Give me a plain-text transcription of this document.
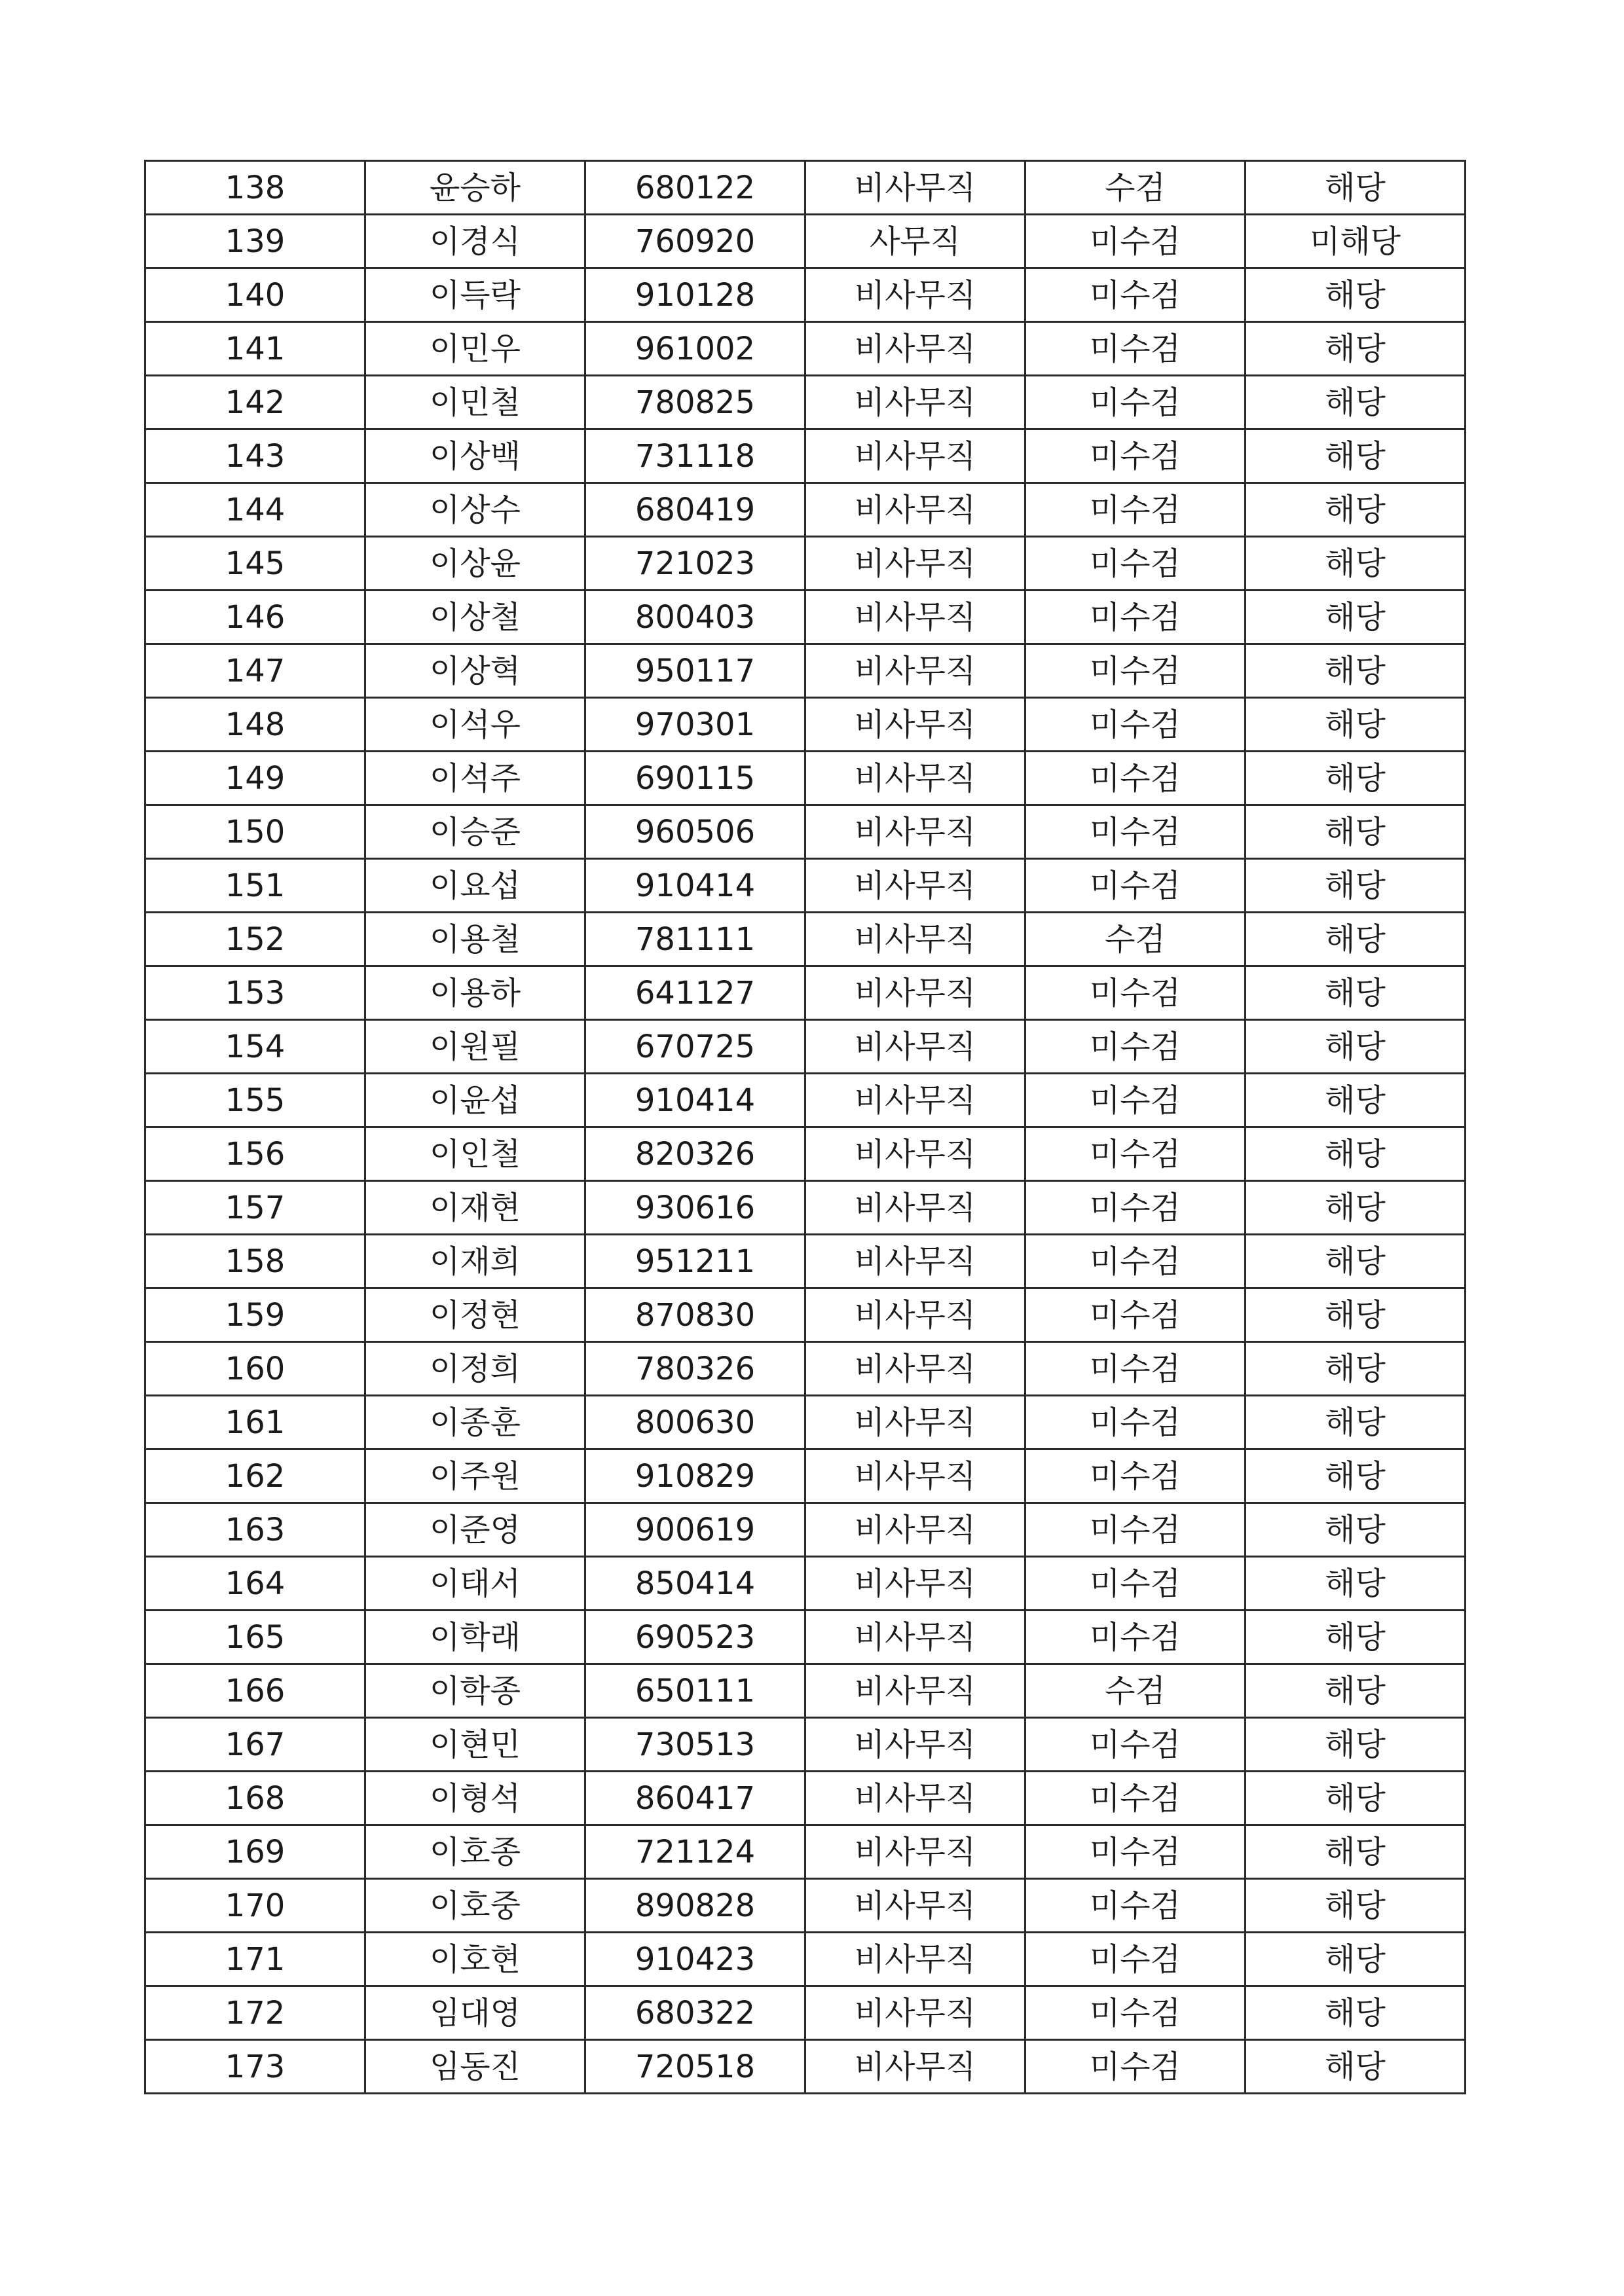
138	윤승하	680122	비사무직	수검	해당
139	이경식	760920	사무직	미수검	미해당
140	이득락	910128	비사무직	미수검	해당
141	이민우	961002	비사무직	미수검	해당
142	이민철	780825	비사무직	미수검	해당
143	이상백	731118	비사무직	미수검	해당
144	이상수	680419	비사무직	미수검	해당
145	이상윤	721023	비사무직	미수검	해당
146	이상철	800403	비사무직	미수검	해당
147	이상혁	950117	비사무직	미수검	해당
148	이석우	970301	비사무직	미수검	해당
149	이석주	690115	비사무직	미수검	해당
150	이승준	960506	비사무직	미수검	해당
151	이요섭	910414	비사무직	미수검	해당
152	이용철	781111	비사무직	수검	해당
153	이용하	641127	비사무직	미수검	해당
154	이원필	670725	비사무직	미수검	해당
155	이윤섭	910414	비사무직	미수검	해당
156	이인철	820326	비사무직	미수검	해당
157	이재현	930616	비사무직	미수검	해당
158	이재희	951211	비사무직	미수검	해당
159	이정현	870830	비사무직	미수검	해당
160	이정희	780326	비사무직	미수검	해당
161	이종훈	800630	비사무직	미수검	해당
162	이주원	910829	비사무직	미수검	해당
163	이준영	900619	비사무직	미수검	해당
164	이태서	850414	비사무직	미수검	해당
165	이학래	690523	비사무직	미수검	해당
166	이학종	650111	비사무직	수검	해당
167	이현민	730513	비사무직	미수검	해당
168	이형석	860417	비사무직	미수검	해당
169	이호종	721124	비사무직	미수검	해당
170	이호중	890828	비사무직	미수검	해당
171	이호현	910423	비사무직	미수검	해당
172	임대영	680322	비사무직	미수검	해당
173	임동진	720518	비사무직	미수검	해당
